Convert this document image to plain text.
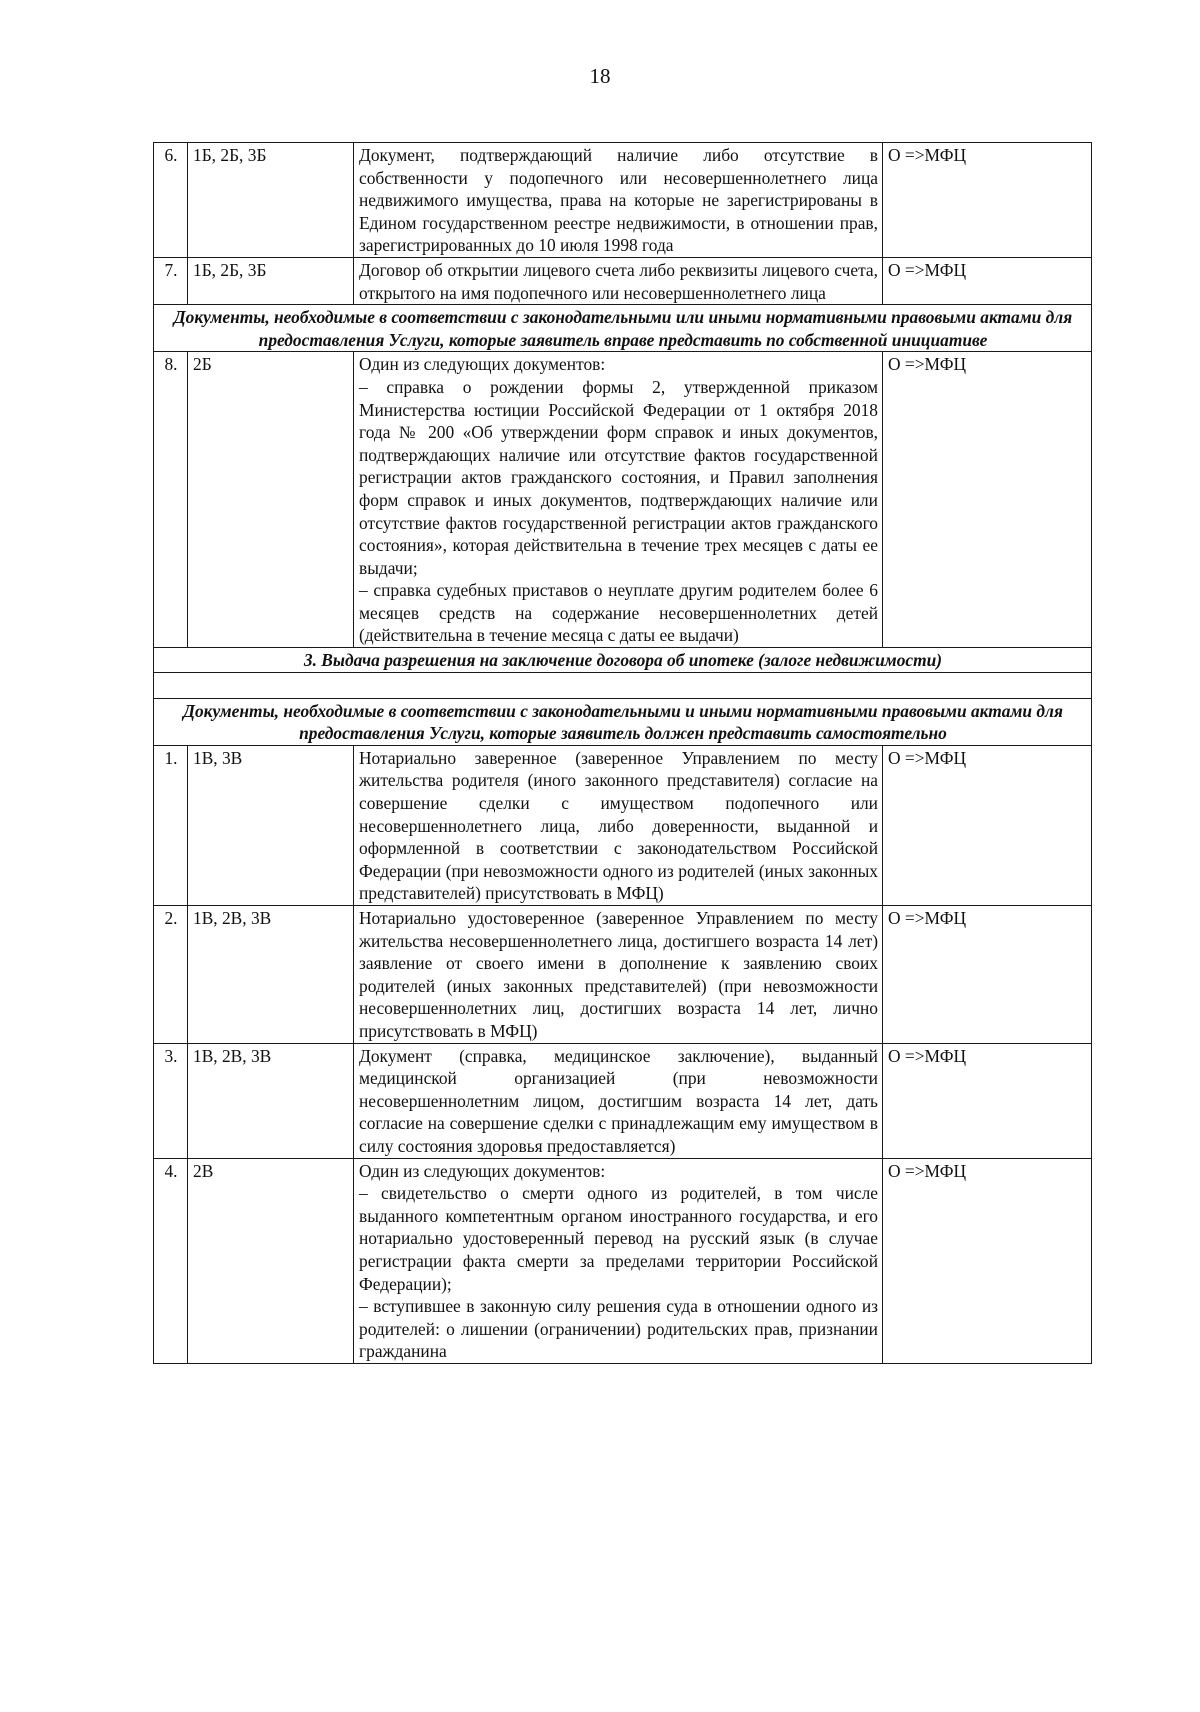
18
6.	1Б, 2Б, 3Б	Документ, подтверждающий наличие либо отсутствие в собственности у подопечного или несовершеннолетнего лица недвижимого имущества, права на которые не зарегистрированы в Едином государственном реестре недвижимости, в отношении прав, зарегистрированных до 10 июля 1998 года	О =>МФЦ
7.	1Б, 2Б, 3Б	Договор об открытии лицевого счета либо реквизиты лицевого счета, открытого на имя подопечного или несовершеннолетнего лица	О =>МФЦ
Документы, необходимые в соответствии с законодательными или иными нормативными правовыми актами для предоставления Услуги, которые заявитель вправе представить по собственной инициативе			
8.	2Б	Один из следующих документов:
– справка о рождении формы 2, утвержденной приказом Министерства юстиции Российской Федерации от 1 октября 2018 года № 200 «Об утверждении форм справок и иных документов, подтверждающих наличие или отсутствие фактов государственной регистрации актов гражданского состояния, и Правил заполнения форм справок и иных документов, подтверждающих наличие или отсутствие фактов государственной регистрации актов гражданского состояния», которая действительна в течение трех месяцев с даты ее выдачи;
– справка судебных приставов о неуплате другим родителем более 6 месяцев средств на содержание несовершеннолетних детей (действительна в течение месяца с даты ее выдачи)	О =>МФЦ
3. Выдача разрешения на заключение договора об ипотеке (залоге недвижимости)			

Документы, необходимые в соответствии с законодательными и иными нормативными правовыми актами для предоставления Услуги, которые заявитель должен представить самостоятельно			
1.	1В, 3В	Нотариально заверенное (заверенное Управлением по месту жительства родителя (иного законного представителя) согласие на совершение сделки с имуществом подопечного или несовершеннолетнего лица, либо доверенности, выданной и оформленной в соответствии с законодательством Российской Федерации (при невозможности одного из родителей (иных законных представителей) присутствовать в МФЦ)	О =>МФЦ
2.	1В, 2В, 3В	Нотариально удостоверенное (заверенное Управлением по месту жительства несовершеннолетнего лица, достигшего возраста 14 лет) заявление от своего имени в дополнение к заявлению своих родителей (иных законных представителей) (при невозможности несовершеннолетних лиц, достигших возраста 14 лет, лично присутствовать в МФЦ)	О =>МФЦ
3.	1В, 2В, 3В	Документ (справка, медицинское заключение), выданный медицинской организацией (при невозможности несовершеннолетним лицом, достигшим возраста 14 лет, дать согласие на совершение сделки с принадлежащим ему имуществом в силу состояния здоровья предоставляется)	О =>МФЦ
4.	2В	Один из следующих документов:
– свидетельство о смерти одного из родителей, в том числе выданного компетентным органом иностранного государства, и его нотариально удостоверенный перевод на русский язык (в случае регистрации факта смерти за пределами территории Российской Федерации);
– вступившее в законную силу решения суда в отношении одного из родителей: о лишении (ограничении) родительских прав, признании гражданина	О =>МФЦ
